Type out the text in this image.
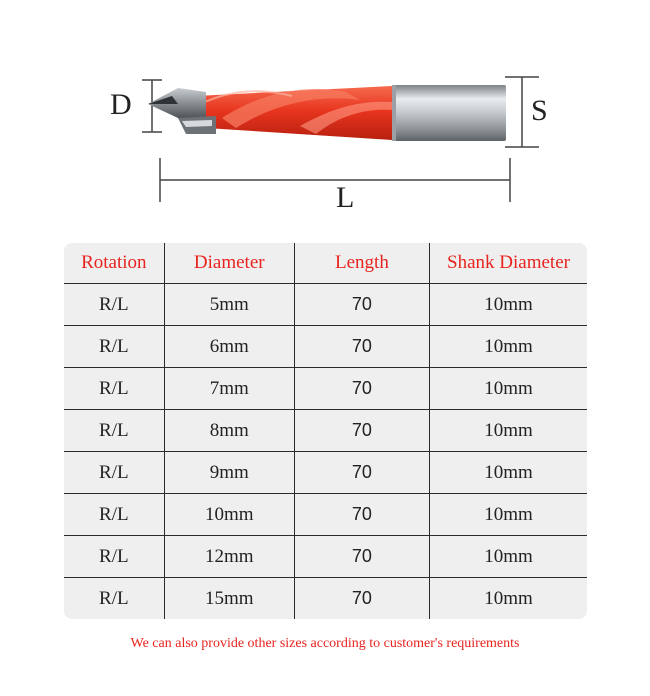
D	S
L
Rotation	Diameter	Length	Shank Diameter
R/L	5mm	70	10mm
R/L	6mm	70	10mm
R/L	7mm	70	10mm
R/L	8mm	70	10mm
R/L	9mm	70	10mm
R/L	10mm	70	10mm
R/L	12mm	70	10mm
R/L	15mm	70	10mm
We can also provide other sizes according to customer's requirements
